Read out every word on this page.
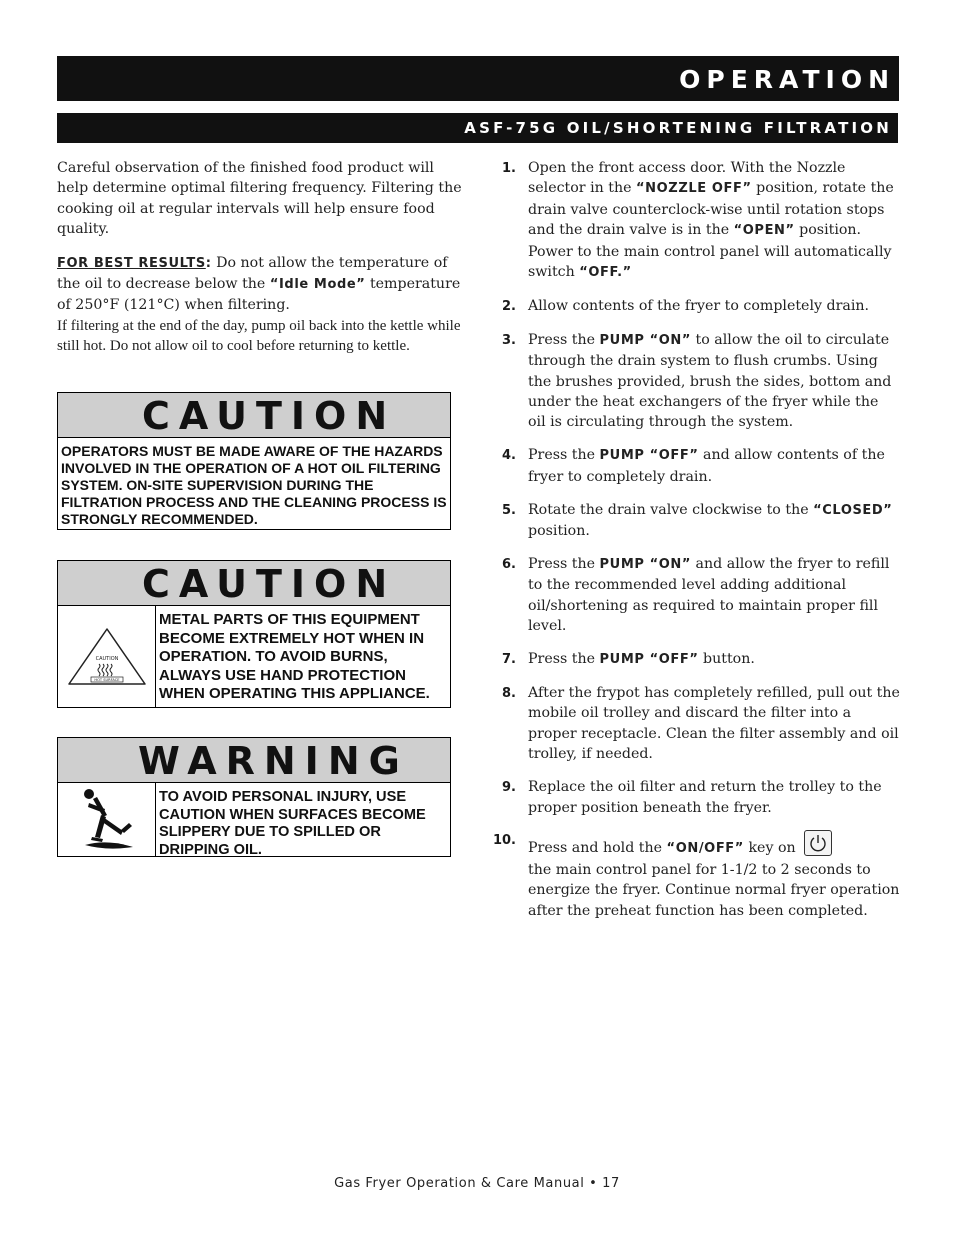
OPERATION
ASF-75G OIL/SHORTENING FILTRATION

Careful observation of the finished food product will help determine optimal filtering frequency. Filtering the cooking oil at regular intervals will help ensure food quality.

FOR BEST RESULTS: Do not allow the temperature of the oil to decrease below the “Idle Mode” temperature of 250°F (121°C) when filtering.

If filtering at the end of the day, pump oil back into the kettle while still hot. Do not allow oil to cool before returning to kettle.

CAUTION
OPERATORS MUST BE MADE AWARE OF THE HAZARDS INVOLVED IN THE OPERATION OF A HOT OIL FILTERING SYSTEM. ON-SITE SUPERVISION DURING THE FILTRATION PROCESS AND THE CLEANING PROCESS IS STRONGLY RECOMMENDED.
CAUTION
CAUTION
HOT SURFACE
METAL PARTS OF THIS EQUIPMENT BECOME EXTREMELY HOT WHEN IN OPERATION. TO AVOID BURNS, ALWAYS USE HAND PROTECTION WHEN OPERATING THIS APPLIANCE.
WARNING
TO AVOID PERSONAL INJURY, USE CAUTION WHEN SURFACES BECOME SLIPPERY DUE TO SPILLED OR DRIPPING OIL.
1. Open the front access door. With the Nozzle selector in the “NOZZLE OFF” position, rotate the drain valve counterclock-wise until rotation stops and the drain valve is in the “OPEN” position. Power to the main control panel will automatically switch “OFF.”
2. Allow contents of the fryer to completely drain.
3. Press the PUMP “ON” to allow the oil to circulate through the drain system to flush crumbs. Using the brushes provided, brush the sides, bottom and under the heat exchangers of the fryer while the oil is circulating through the system.
4. Press the PUMP “OFF” and allow contents of the fryer to completely drain.
5. Rotate the drain valve clockwise to the “CLOSED” position.
6. Press the PUMP “ON” and allow the fryer to refill to the recommended level adding additional oil/shortening as required to maintain proper fill level.
7. Press the PUMP “OFF” button.
8. After the frypot has completely refilled, pull out the mobile oil trolley and discard the filter into a proper receptacle. Clean the filter assembly and oil trolley, if needed.
9. Replace the oil filter and return the trolley to the proper position beneath the fryer.
10. Press and hold the “ON/OFF” key on

the main control panel for 1-1/2 to 2 seconds to energize the fryer. Continue normal fryer operation after the preheat function has been completed.
Gas Fryer Operation & Care Manual • 17
